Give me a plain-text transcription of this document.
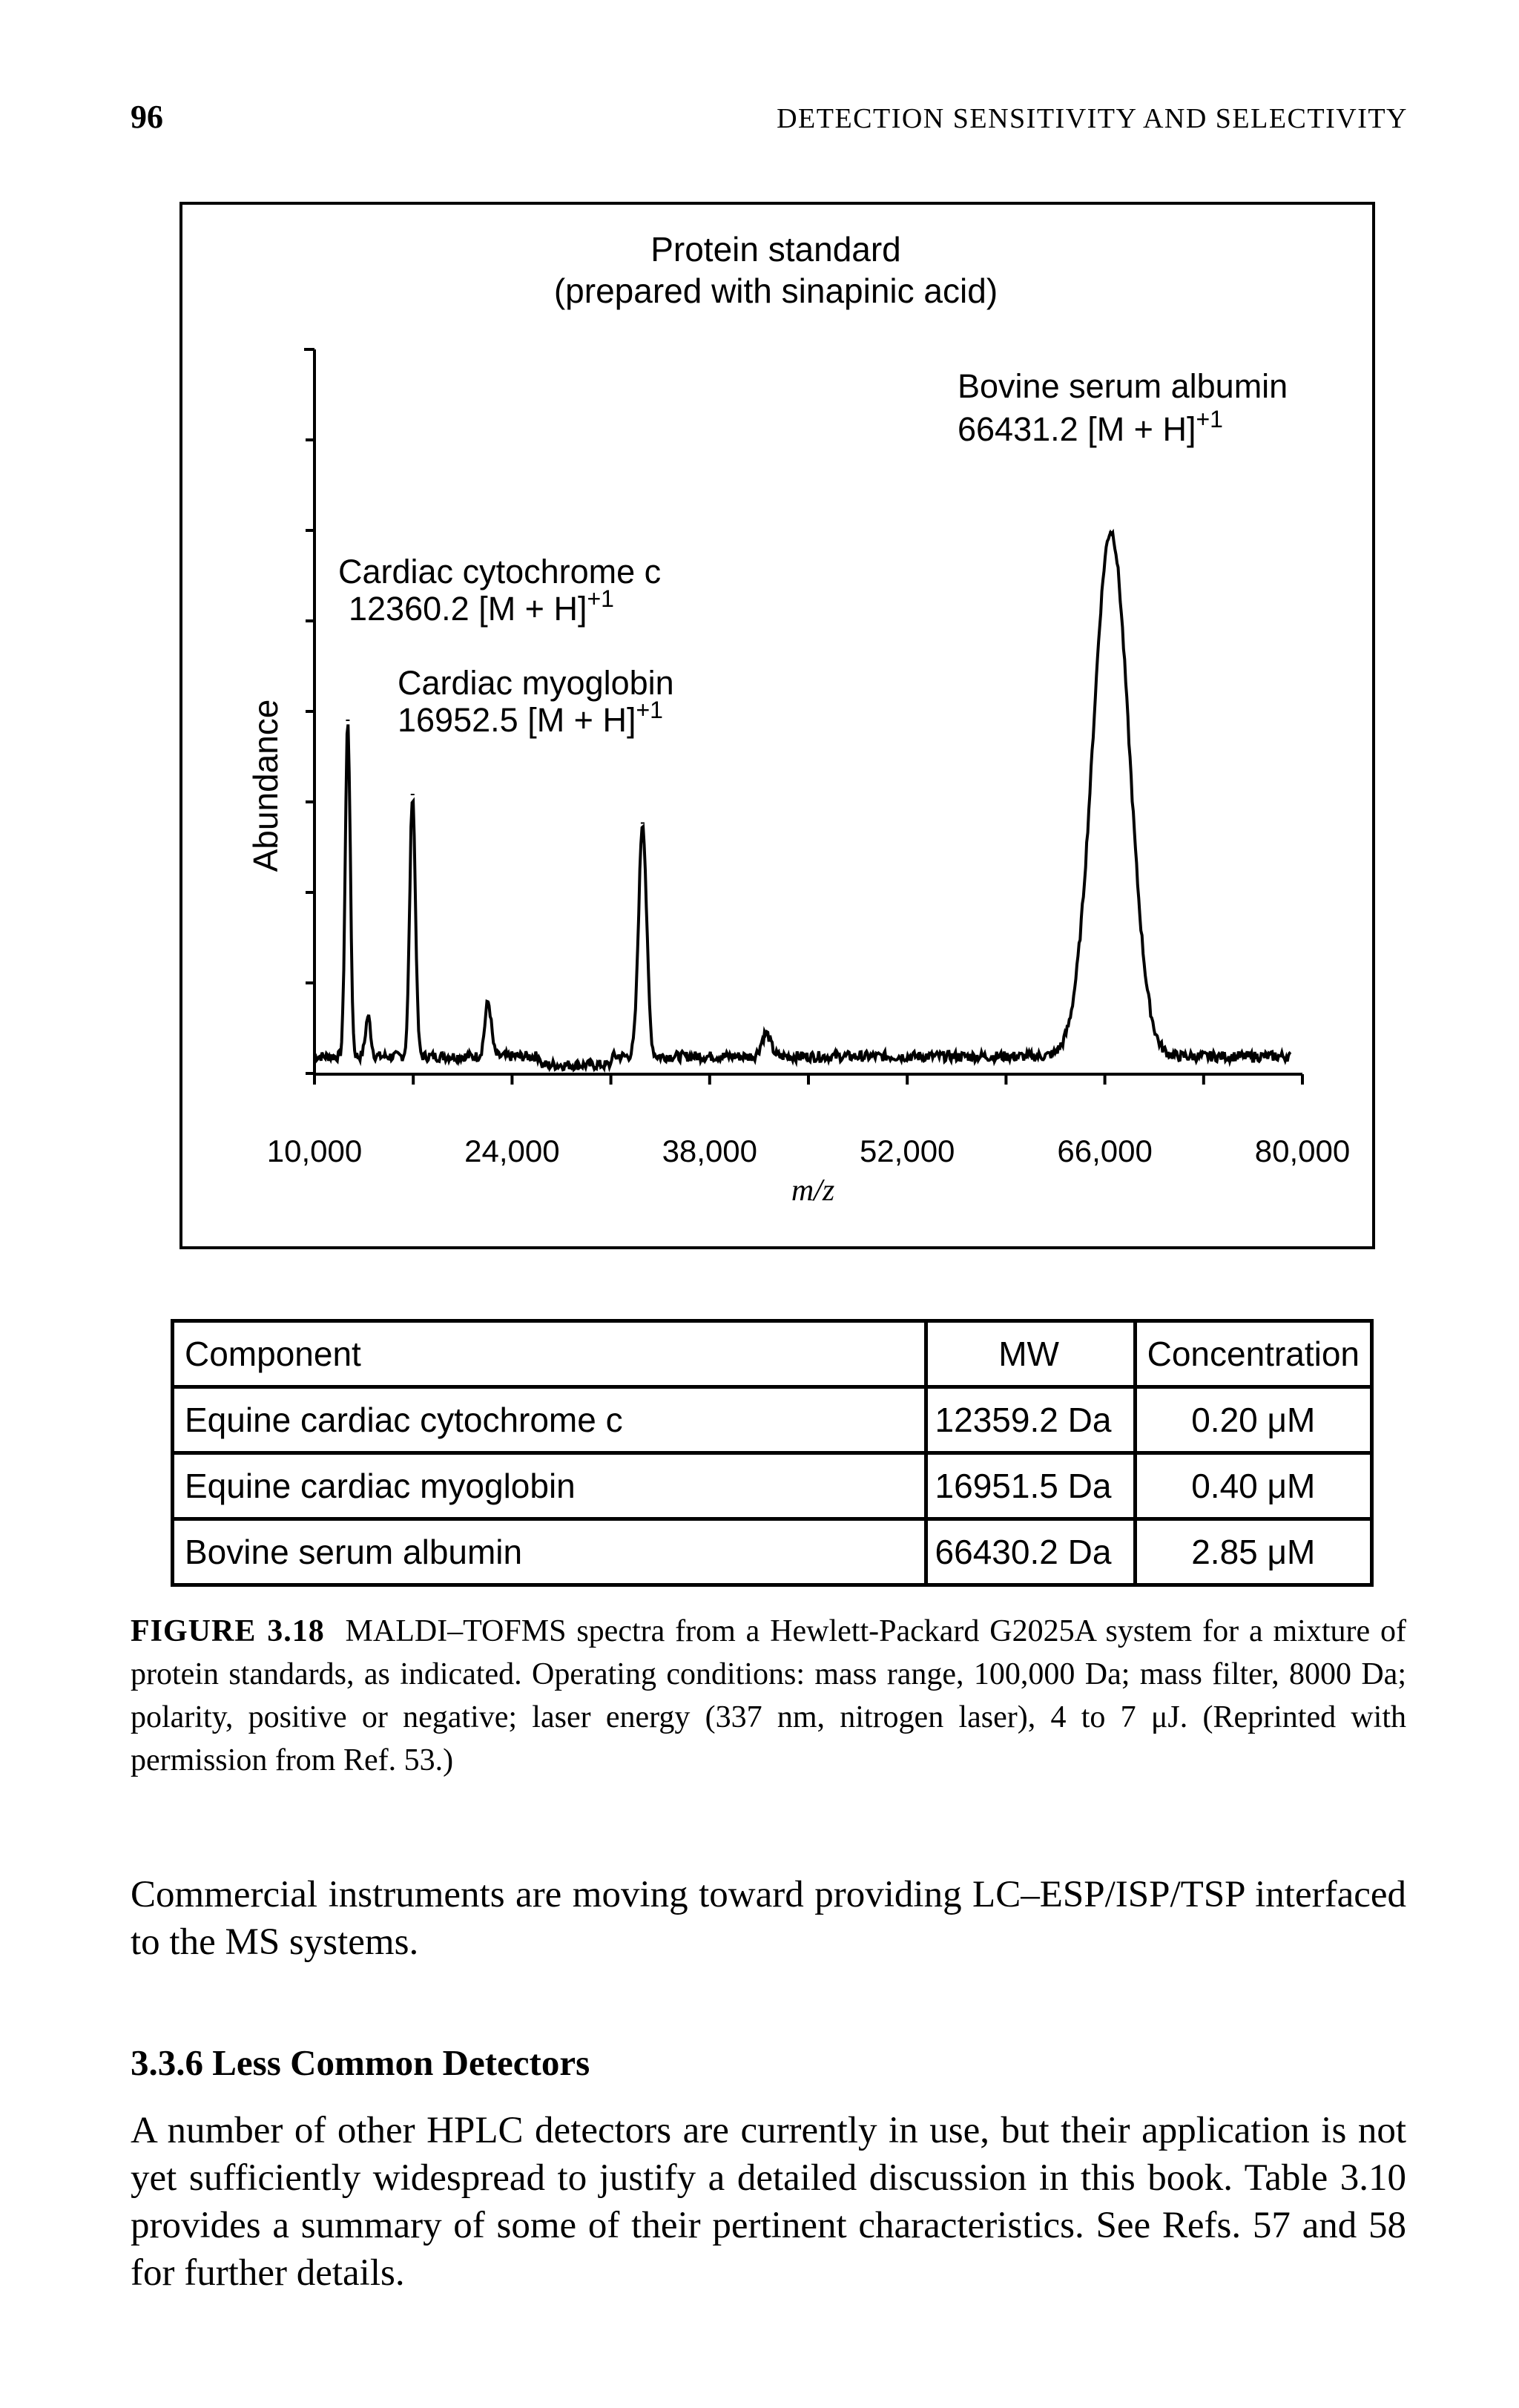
96	DETECTION SENSITIVITY AND SELECTIVITY
Protein standard
(prepared with sinapinic acid)
Abundance
m/z
Bovine serum albumin
66431.2 $[M + H]^{+1}$
Cardiac cytochrome c
12360.2 $[M + H]^{+1}$
Cardiac myoglobin
16952.5 $[M + H]^{+1}$
10,000	24,000	38,000	52,000	66,000	80,000
Component	MW	Concentration
Equine cardiac cytochrome c	12359.2 Da	0.20 μM
Equine cardiac myoglobin	16951.5 Da	0.40 μM
Bovine serum albumin	66430.2 Da	2.85 μM
FIGURE 3.18 MALDI–TOFMS spectra from a Hewlett-Packard G2025A system for a mixture of protein standards, as indicated. Operating conditions: mass range, 100,000 Da; mass filter, 8000 Da; polarity, positive or negative; laser energy (337 nm, nitrogen laser), 4 to 7 μJ. (Reprinted with permission from Ref. 53.)
Commercial instruments are moving toward providing LC–ESP/ISP/TSP interfaced to the MS systems.
3.3.6 Less Common Detectors
A number of other HPLC detectors are currently in use, but their application is not yet sufficiently widespread to justify a detailed discussion in this book. Table 3.10 provides a summary of some of their pertinent characteristics. See Refs. 57 and 58 for further details.
